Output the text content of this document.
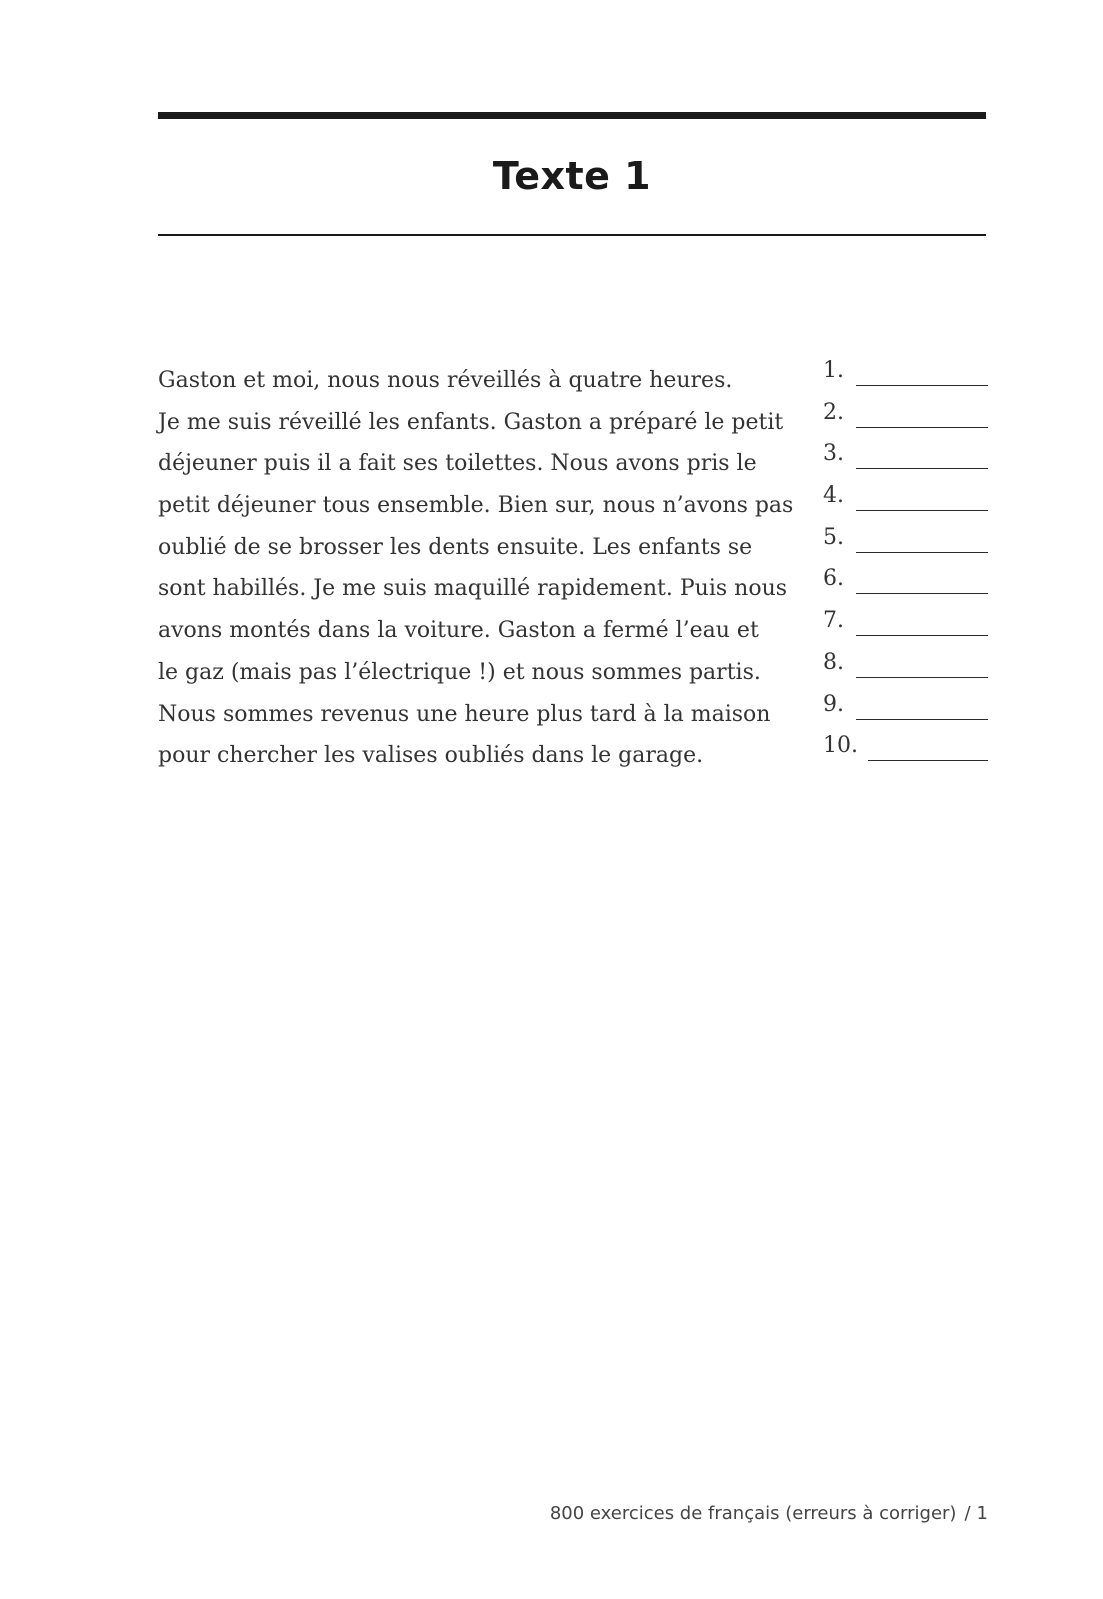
Texte 1
Gaston et moi, nous nous réveillés à quatre heures.
Je me suis réveillé les enfants. Gaston a préparé le petit
déjeuner puis il a fait ses toilettes. Nous avons pris le
petit déjeuner tous ensemble. Bien sur, nous n’avons pas
oublié de se brosser les dents ensuite. Les enfants se
sont habillés. Je me suis maquillé rapidement. Puis nous
avons montés dans la voiture. Gaston a fermé l’eau et
le gaz (mais pas l’électrique !) et nous sommes partis.
Nous sommes revenus une heure plus tard à la maison
pour chercher les valises oubliés dans le garage.
1.
2.
3.
4.
5.
6.
7.
8.
9.
10.
800 exercices de français (erreurs à corriger) / 1
